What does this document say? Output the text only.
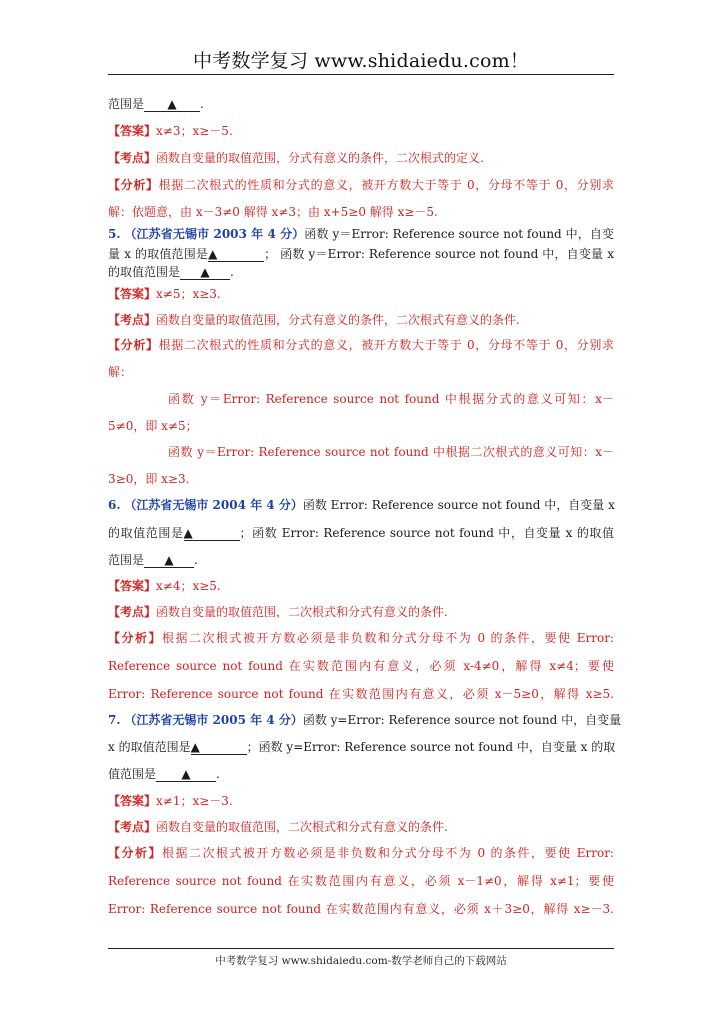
中考数学复习 www.shidaiedu.com！
范围是 ▲ .
【答案】x≠3；x≥－5.
【考点】函数自变量的取值范围，分式有意义的条件，二次根式的定义.
【分析】根据二次根式的性质和分式的意义，被开方数大于等于 0，分母不等于 0，分别求
解：依题意，由 x－3≠0 解得 x≠3；由 x+5≥0 解得 x≥－5.
5. （江苏省无锡市 2003 年 4 分）函数 y＝Error: Reference source not found 中，自变
量 x 的取值范围是▲	； 函数 y＝Error: Reference source not found 中，自变量 x
的取值范围是 ▲ .
【答案】x≠5；x≥3.
【考点】函数自变量的取值范围，分式有意义的条件，二次根式有意义的条件.
【分析】根据二次根式的性质和分式的意义，被开方数大于等于 0，分母不等于 0，分别求
解：
函数 y＝Error: Reference source not found 中根据分式的意义可知：x－
5≠0，即 x≠5；
函数 y＝Error: Reference source not found 中根据二次根式的意义可知：x－
3≥0，即 x≥3.
6. （江苏省无锡市 2004 年 4 分）函数 Error: Reference source not found 中，自变量 x
的取值范围是▲	；函数 Error: Reference source not found 中，自变量 x 的取值
范围是 ▲ .
【答案】x≠4；x≥5.
【考点】函数自变量的取值范围，二次根式和分式有意义的条件.
【分析】根据二次根式被开方数必须是非负数和分式分母不为 0 的条件，要使 Error:
Reference source not found 在实数范围内有意义，必须 x-4≠0，解得 x≠4；要使
Error: Reference source not found 在实数范围内有意义，必须 x－5≥0，解得 x≥5.
7. （江苏省无锡市 2005 年 4 分）函数 y=Error: Reference source not found 中，自变量
x 的取值范围是▲	；函数 y=Error: Reference source not found 中，自变量 x 的取
值范围是 ▲ .
【答案】x≠1；x≥－3.
【考点】函数自变量的取值范围，二次根式和分式有意义的条件.
【分析】根据二次根式被开方数必须是非负数和分式分母不为 0 的条件，要使 Error:
Reference source not found 在实数范围内有意义，必须 x－1≠0，解得 x≠1；要使
Error: Reference source not found 在实数范围内有意义，必须 x＋3≥0，解得 x≥－3.
中考数学复习 www.shidaiedu.com-数学老师自己的下载网站
